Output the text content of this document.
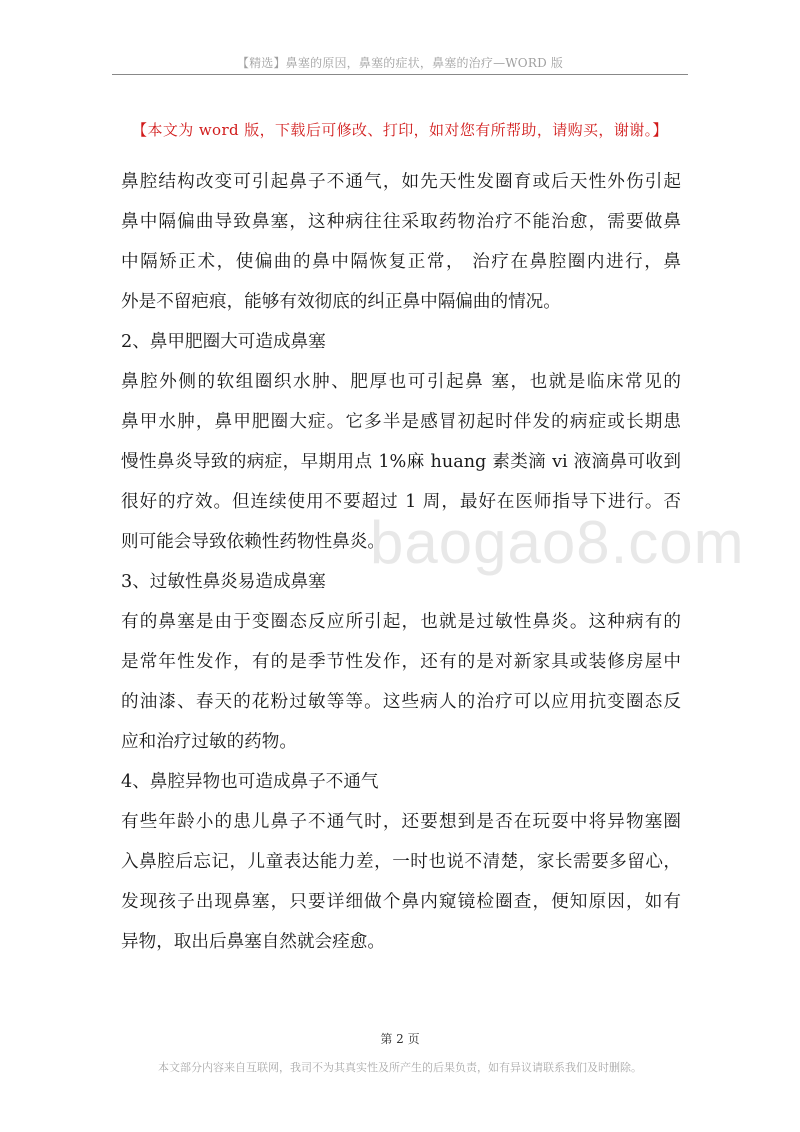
【精选】鼻塞的原因，鼻塞的症状，鼻塞的治疗—WORD 版
【本文为 word 版，下载后可修改、打印，如对您有所帮助，请购买，谢谢。】
鼻腔结构改变可引起鼻子不通气，如先天性发圈育或后天性外伤引起
鼻中隔偏曲导致鼻塞，这种病往往采取药物治疗不能治愈，需要做鼻
中隔矫正术，使偏曲的鼻中隔恢复正常， 治疗在鼻腔圈内进行，鼻
外是不留疤痕，能够有效彻底的纠正鼻中隔偏曲的情况。
2、鼻甲肥圈大可造成鼻塞
鼻腔外侧的软组圈织水肿、肥厚也可引起鼻 塞，也就是临床常见的
鼻甲水肿，鼻甲肥圈大症。它多半是感冒初起时伴发的病症或长期患
慢性鼻炎导致的病症，早期用点 1%麻 huang 素类滴 vi 液滴鼻可收到
很好的疗效。但连续使用不要超过 1 周，最好在医师指导下进行。否
则可能会导致依赖性药物性鼻炎。
3、过敏性鼻炎易造成鼻塞
有的鼻塞是由于变圈态反应所引起，也就是过敏性鼻炎。这种病有的
是常年性发作，有的是季节性发作，还有的是对新家具或装修房屋中
的油漆、春天的花粉过敏等等。这些病人的治疗可以应用抗变圈态反
应和治疗过敏的药物。
4、鼻腔异物也可造成鼻子不通气
有些年龄小的患儿鼻子不通气时，还要想到是否在玩耍中将异物塞圈
入鼻腔后忘记，儿童表达能力差，一时也说不清楚，家长需要多留心，
发现孩子出现鼻塞，只要详细做个鼻内窥镜检圈查，便知原因，如有
异物，取出后鼻塞自然就会痊愈。
baogao8.com
第 2 页
本文部分内容来自互联网，我司不为其真实性及所产生的后果负责，如有异议请联系我们及时删除。
